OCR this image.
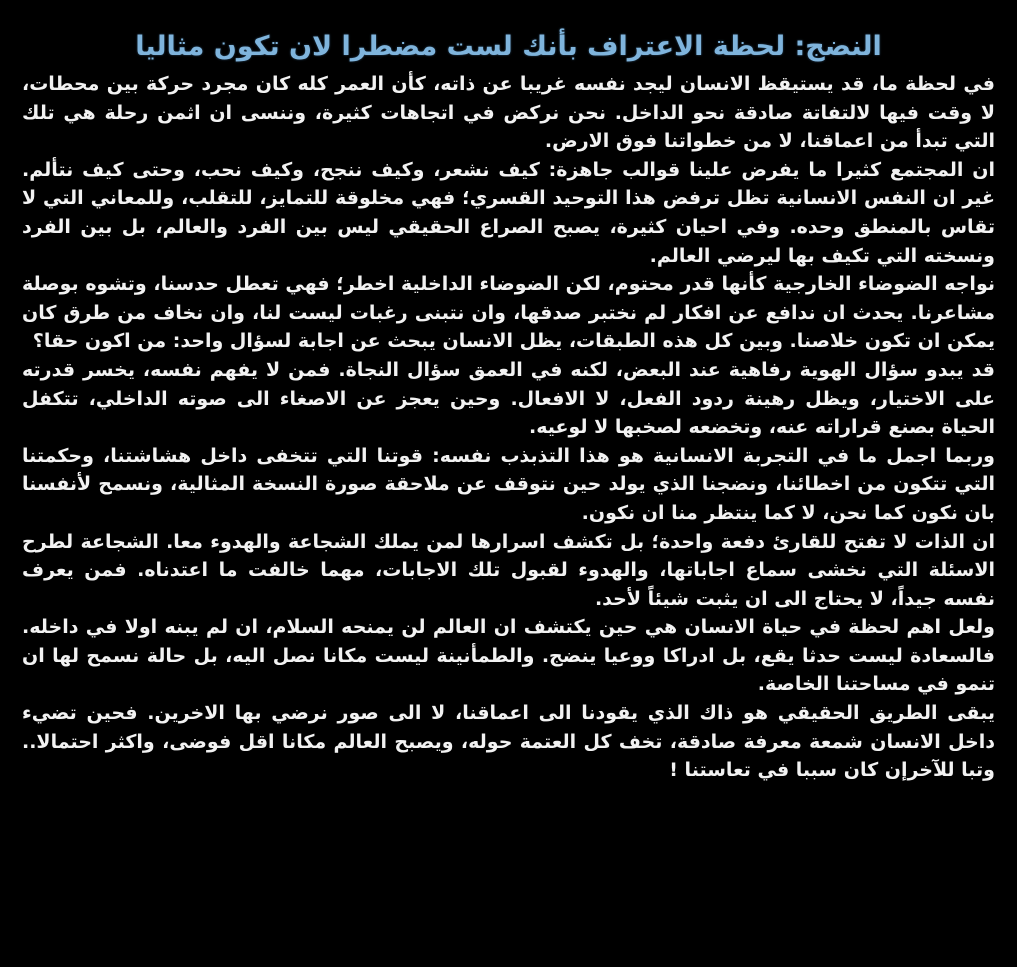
النضج: لحظة الاعتراف بأنك لست مضطرا لان تكون مثاليا

في لحظة ما، قد يستيقظ الانسان ليجد نفسه غريبا عن ذاته، كأن العمر كله كان مجرد حركة بين محطات، لا وقت فيها لالتفاتة صادقة نحو الداخل. نحن نركض في اتجاهات كثيرة، وننسى ان اثمن رحلة هي تلك التي تبدأ من اعماقنا، لا من خطواتنا فوق الارض.

ان المجتمع كثيرا ما يفرض علينا قوالب جاهزة: كيف نشعر، وكيف ننجح، وكيف نحب، وحتى كيف نتألم. غير ان النفس الانسانية تظل ترفض هذا التوحيد القسري؛ فهي مخلوقة للتمايز، للتقلب، وللمعاني التي لا تقاس بالمنطق وحده. وفي احيان كثيرة، يصبح الصراع الحقيقي ليس بين الفرد والعالم، بل بين الفرد ونسخته التي تكيف بها ليرضي العالم.

نواجه الضوضاء الخارجية كأنها قدر محتوم، لكن الضوضاء الداخلية اخطر؛ فهي تعطل حدسنا، وتشوه بوصلة مشاعرنا. يحدث ان ندافع عن افكار لم نختبر صدقها، وان نتبنى رغبات ليست لنا، وان نخاف من طرق كان يمكن ان تكون خلاصنا. وبين كل هذه الطبقات، يظل الانسان يبحث عن اجابة لسؤال واحد: من اكون حقا؟

قد يبدو سؤال الهوية رفاهية عند البعض، لكنه في العمق سؤال النجاة. فمن لا يفهم نفسه، يخسر قدرته على الاختيار، ويظل رهينة ردود الفعل، لا الافعال. وحين يعجز عن الاصغاء الى صوته الداخلي، تتكفل الحياة بصنع قراراته عنه، وتخضعه لصخبها لا لوعيه.

وربما اجمل ما في التجربة الانسانية هو هذا التذبذب نفسه: قوتنا التي تتخفى داخل هشاشتنا، وحكمتنا التي تتكون من اخطائنا، ونضجنا الذي يولد حين نتوقف عن ملاحقة صورة النسخة المثالية، ونسمح لأنفسنا بان نكون كما نحن، لا كما ينتظر منا ان نكون.

ان الذات لا تفتح للقارئ دفعة واحدة؛ بل تكشف اسرارها لمن يملك الشجاعة والهدوء معا. الشجاعة لطرح الاسئلة التي نخشى سماع اجاباتها، والهدوء لقبول تلك الاجابات، مهما خالفت ما اعتدناه. فمن يعرف نفسه جيداً، لا يحتاج الى ان يثبت شيئاً لأحد.

ولعل اهم لحظة في حياة الانسان هي حين يكتشف ان العالم لن يمنحه السلام، ان لم يبنه اولا في داخله. فالسعادة ليست حدثا يقع، بل ادراكا ووعيا ينضج. والطمأنينة ليست مكانا نصل اليه، بل حالة نسمح لها ان تنمو في مساحتنا الخاصة.

يبقى الطريق الحقيقي هو ذاك الذي يقودنا الى اعماقنا، لا الى صور نرضي بها الاخرين. فحين تضيء داخل الانسان شمعة معرفة صادقة، تخف كل العتمة حوله، ويصبح العالم مكانا اقل فوضى، واكثر احتمالا.. وتبا للآخرإن كان سببا في تعاستنا !
